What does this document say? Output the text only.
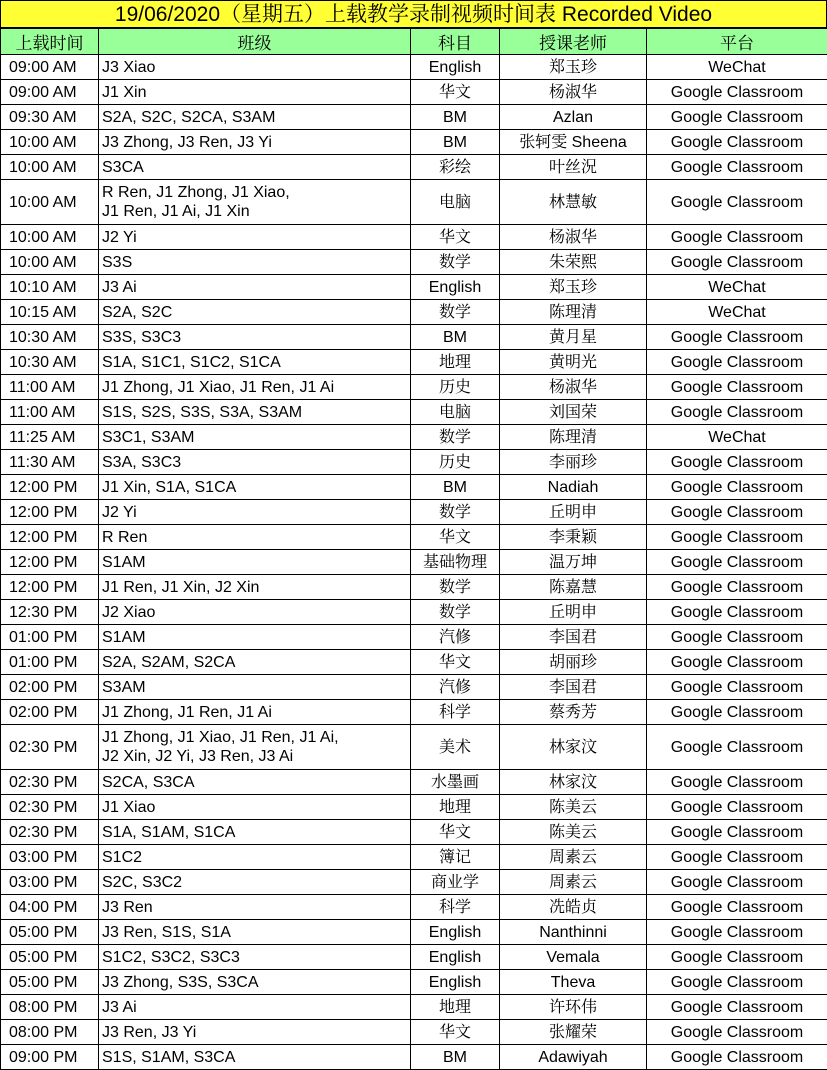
19/06/2020（星期五）上载教学录制视频时间表 Recorded Video
上载时间	班级	科目	授课老师	平台
09:00 AM	J3 Xiao	English	郑玉珍	WeChat
09:00 AM	J1 Xin	华文	杨淑华	Google Classroom
09:30 AM	S2A, S2C, S2CA, S3AM	BM	Azlan	Google Classroom
10:00 AM	J3 Zhong, J3 Ren, J3 Yi	BM	张轲雯 Sheena	Google Classroom
10:00 AM	S3CA	彩绘	叶丝況	Google Classroom
10:00 AM	R Ren, J1 Zhong, J1 Xiao,
J1 Ren, J1 Ai, J1 Xin	电脑	林慧敏	Google Classroom
10:00 AM	J2 Yi	华文	杨淑华	Google Classroom
10:00 AM	S3S	数学	朱荣熙	Google Classroom
10:10 AM	J3 Ai	English	郑玉珍	WeChat
10:15 AM	S2A, S2C	数学	陈理清	WeChat
10:30 AM	S3S, S3C3	BM	黄月星	Google Classroom
10:30 AM	S1A, S1C1, S1C2, S1CA	地理	黄明光	Google Classroom
11:00 AM	J1 Zhong, J1 Xiao, J1 Ren, J1 Ai	历史	杨淑华	Google Classroom
11:00 AM	S1S, S2S, S3S, S3A, S3AM	电脑	刘国荣	Google Classroom
11:25 AM	S3C1, S3AM	数学	陈理清	WeChat
11:30 AM	S3A, S3C3	历史	李丽珍	Google Classroom
12:00 PM	J1 Xin, S1A, S1CA	BM	Nadiah	Google Classroom
12:00 PM	J2 Yi	数学	丘明申	Google Classroom
12:00 PM	R Ren	华文	李秉颖	Google Classroom
12:00 PM	S1AM	基础物理	温万坤	Google Classroom
12:00 PM	J1 Ren, J1 Xin, J2 Xin	数学	陈嘉慧	Google Classroom
12:30 PM	J2 Xiao	数学	丘明申	Google Classroom
01:00 PM	S1AM	汽修	李国君	Google Classroom
01:00 PM	S2A, S2AM, S2CA	华文	胡丽珍	Google Classroom
02:00 PM	S3AM	汽修	李国君	Google Classroom
02:00 PM	J1 Zhong, J1 Ren, J1 Ai	科学	蔡秀芳	Google Classroom
02:30 PM	J1 Zhong, J1 Xiao, J1 Ren, J1 Ai,
J2 Xin, J2 Yi, J3 Ren, J3 Ai	美术	林家汶	Google Classroom
02:30 PM	S2CA, S3CA	水墨画	林家汶	Google Classroom
02:30 PM	J1 Xiao	地理	陈美云	Google Classroom
02:30 PM	S1A, S1AM, S1CA	华文	陈美云	Google Classroom
03:00 PM	S1C2	簿记	周素云	Google Classroom
03:00 PM	S2C, S3C2	商业学	周素云	Google Classroom
04:00 PM	J3 Ren	科学	冼皓贞	Google Classroom
05:00 PM	J3 Ren, S1S, S1A	English	Nanthinni	Google Classroom
05:00 PM	S1C2, S3C2, S3C3	English	Vemala	Google Classroom
05:00 PM	J3 Zhong, S3S, S3CA	English	Theva	Google Classroom
08:00 PM	J3 Ai	地理	许环伟	Google Classroom
08:00 PM	J3 Ren, J3 Yi	华文	张耀荣	Google Classroom
09:00 PM	S1S, S1AM, S3CA	BM	Adawiyah	Google Classroom
